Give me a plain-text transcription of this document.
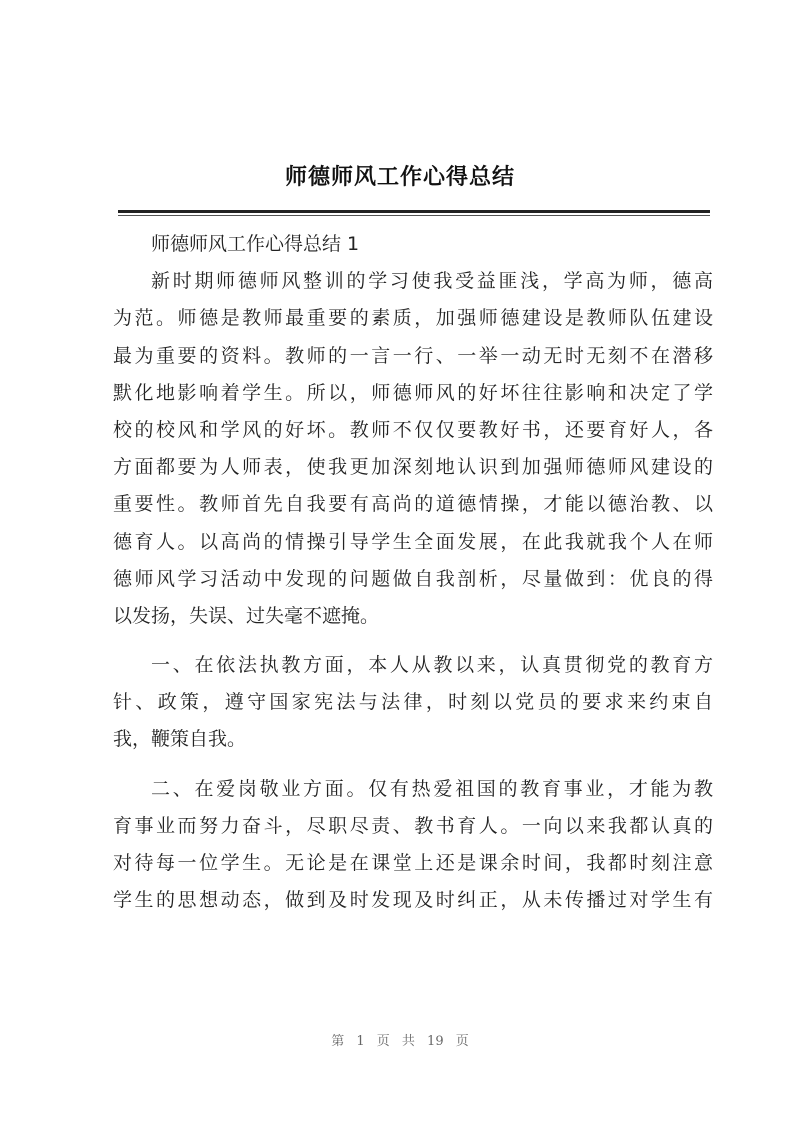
师德师风工作心得总结
师德师风工作心得总结 1
新时期师德师风整训的学习使我受益匪浅，学高为师，德高
为范。师德是教师最重要的素质，加强师德建设是教师队伍建设
最为重要的资料。教师的一言一行、一举一动无时无刻不在潜移
默化地影响着学生。所以，师德师风的好坏往往影响和决定了学
校的校风和学风的好坏。教师不仅仅要教好书，还要育好人，各
方面都要为人师表，使我更加深刻地认识到加强师德师风建设的
重要性。教师首先自我要有高尚的道德情操，才能以德治教、以
德育人。以高尚的情操引导学生全面发展，在此我就我个人在师
德师风学习活动中发现的问题做自我剖析，尽量做到：优良的得
以发扬，失误、过失毫不遮掩。
一、在依法执教方面，本人从教以来，认真贯彻党的教育方
针、政策，遵守国家宪法与法律，时刻以党员的要求来约束自
我，鞭策自我。
二、在爱岗敬业方面。仅有热爱祖国的教育事业，才能为教
育事业而努力奋斗，尽职尽责、教书育人。一向以来我都认真的
对待每一位学生。无论是在课堂上还是课余时间，我都时刻注意
学生的思想动态，做到及时发现及时纠正，从未传播过对学生有
第 1 页 共 19 页
